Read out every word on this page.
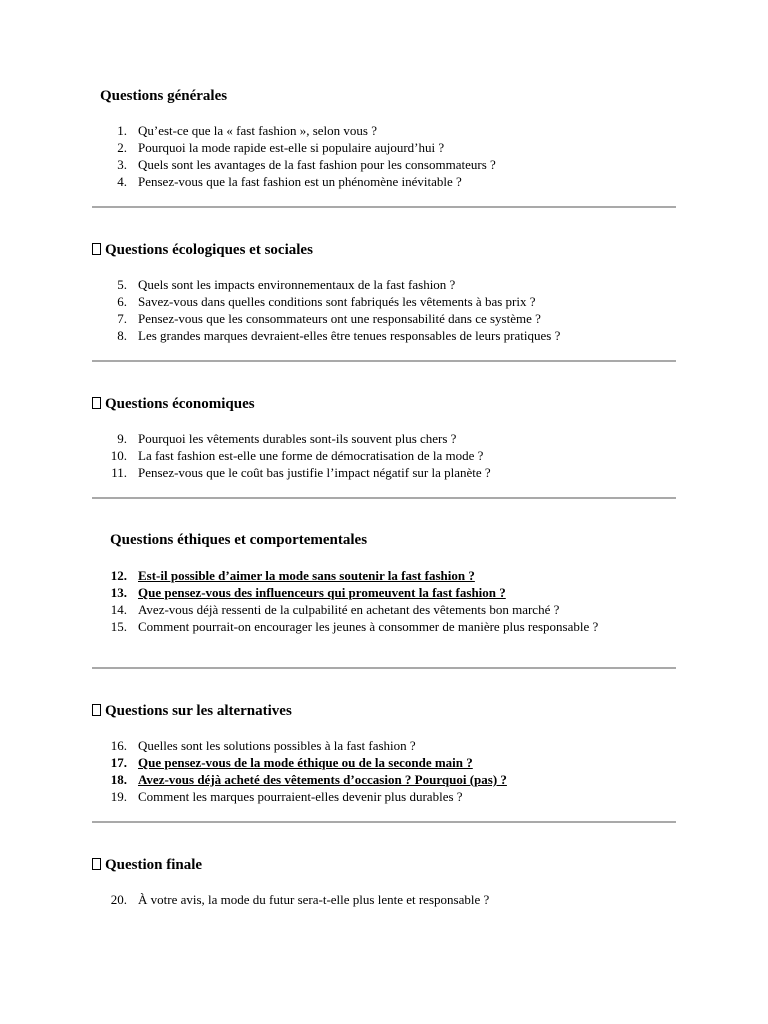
Questions générales
1. Qu’est-ce que la « fast fashion », selon vous ?
2. Pourquoi la mode rapide est-elle si populaire aujourd’hui ?
3. Quels sont les avantages de la fast fashion pour les consommateurs ?
4. Pensez-vous que la fast fashion est un phénomène inévitable ?
Questions écologiques et sociales
5. Quels sont les impacts environnementaux de la fast fashion ?
6. Savez-vous dans quelles conditions sont fabriqués les vêtements à bas prix ?
7. Pensez-vous que les consommateurs ont une responsabilité dans ce système ?
8. Les grandes marques devraient-elles être tenues responsables de leurs pratiques ?
Questions économiques
9. Pourquoi les vêtements durables sont-ils souvent plus chers ?
10. La fast fashion est-elle une forme de démocratisation de la mode ?
11. Pensez-vous que le coût bas justifie l’impact négatif sur la planète ?
Questions éthiques et comportementales
12. Est-il possible d’aimer la mode sans soutenir la fast fashion ?
13. Que pensez-vous des influenceurs qui promeuvent la fast fashion ?
14. Avez-vous déjà ressenti de la culpabilité en achetant des vêtements bon marché ?
15. Comment pourrait-on encourager les jeunes à consommer de manière plus responsable ?
Questions sur les alternatives
16. Quelles sont les solutions possibles à la fast fashion ?
17. Que pensez-vous de la mode éthique ou de la seconde main ?
18. Avez-vous déjà acheté des vêtements d’occasion ? Pourquoi (pas) ?
19. Comment les marques pourraient-elles devenir plus durables ?
Question finale
20. À votre avis, la mode du futur sera-t-elle plus lente et responsable ?
